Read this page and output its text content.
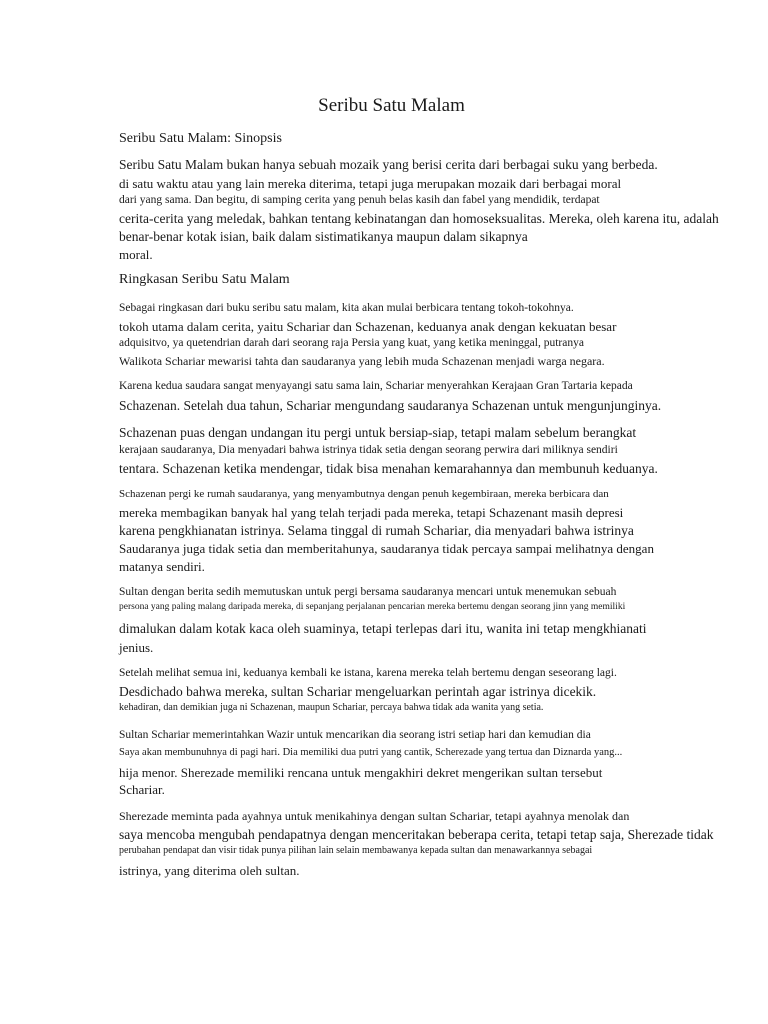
Seribu Satu Malam
Seribu Satu Malam: Sinopsis
Seribu Satu Malam bukan hanya sebuah mozaik yang berisi cerita dari berbagai suku yang berbeda.
di satu waktu atau yang lain mereka diterima, tetapi juga merupakan mozaik dari berbagai moral
dari yang sama. Dan begitu, di samping cerita yang penuh belas kasih dan fabel yang mendidik, terdapat
cerita-cerita yang meledak, bahkan tentang kebinatangan dan homoseksualitas. Mereka, oleh karena itu, adalah
benar-benar kotak isian, baik dalam sistimatikanya maupun dalam sikapnya
moral.
Ringkasan Seribu Satu Malam
Sebagai ringkasan dari buku seribu satu malam, kita akan mulai berbicara tentang tokoh-tokohnya.
tokoh utama dalam cerita, yaitu Schariar dan Schazenan, keduanya anak dengan kekuatan besar
adquisitvo, ya quetendrian darah dari seorang raja Persia yang kuat, yang ketika meninggal, putranya
Walikota Schariar mewarisi tahta dan saudaranya yang lebih muda Schazenan menjadi warga negara.
Karena kedua saudara sangat menyayangi satu sama lain, Schariar menyerahkan Kerajaan Gran Tartaria kepada
Schazenan. Setelah dua tahun, Schariar mengundang saudaranya Schazenan untuk mengunjunginya.
Schazenan puas dengan undangan itu pergi untuk bersiap-siap, tetapi malam sebelum berangkat
kerajaan saudaranya, Dia menyadari bahwa istrinya tidak setia dengan seorang perwira dari miliknya sendiri
tentara. Schazenan ketika mendengar, tidak bisa menahan kemarahannya dan membunuh keduanya.
Schazenan pergi ke rumah saudaranya, yang menyambutnya dengan penuh kegembiraan, mereka berbicara dan
mereka membagikan banyak hal yang telah terjadi pada mereka, tetapi Schazenant masih depresi
karena pengkhianatan istrinya. Selama tinggal di rumah Schariar, dia menyadari bahwa istrinya
Saudaranya juga tidak setia dan memberitahunya, saudaranya tidak percaya sampai melihatnya dengan
matanya sendiri.
Sultan dengan berita sedih memutuskan untuk pergi bersama saudaranya mencari untuk menemukan sebuah
persona yang paling malang daripada mereka, di sepanjang perjalanan pencarian mereka bertemu dengan seorang jinn yang memiliki
dimalukan dalam kotak kaca oleh suaminya, tetapi terlepas dari itu, wanita ini tetap mengkhianati
jenius.
Setelah melihat semua ini, keduanya kembali ke istana, karena mereka telah bertemu dengan seseorang lagi.
Desdichado bahwa mereka, sultan Schariar mengeluarkan perintah agar istrinya dicekik.
kehadiran, dan demikian juga ni Schazenan, maupun Schariar, percaya bahwa tidak ada wanita yang setia.
Sultan Schariar memerintahkan Wazir untuk mencarikan dia seorang istri setiap hari dan kemudian dia
Saya akan membunuhnya di pagi hari. Dia memiliki dua putri yang cantik, Scherezade yang tertua dan Diznarda yang...
hija menor. Sherezade memiliki rencana untuk mengakhiri dekret mengerikan sultan tersebut
Schariar.
Sherezade meminta pada ayahnya untuk menikahinya dengan sultan Schariar, tetapi ayahnya menolak dan
saya mencoba mengubah pendapatnya dengan menceritakan beberapa cerita, tetapi tetap saja, Sherezade tidak
perubahan pendapat dan visir tidak punya pilihan lain selain membawanya kepada sultan dan menawarkannya sebagai
istrinya, yang diterima oleh sultan.
